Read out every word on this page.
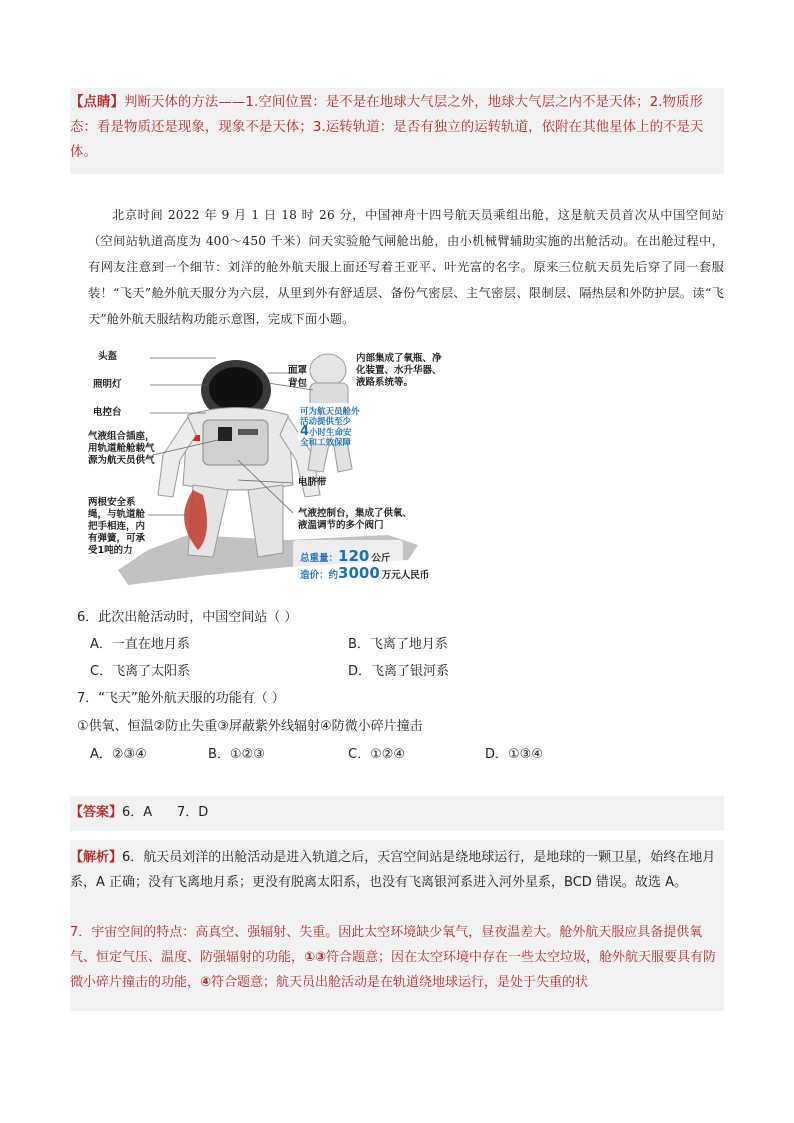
【点睛】判断天体的方法——1.空间位置：是不是在地球大气层之外，地球大气层之内不是天体；2.物质形态：看是物质还是现象，现象不是天体；3.运转轨道：是否有独立的运转轨道，依附在其他星体上的不是天体。
北京时间 2022 年 9 月 1 日 18 时 26 分，中国神舟十四号航天员乘组出舱，这是航天员首次从中国空间站（空间站轨道高度为 400～450 千米）问天实验舱气闸舱出舱，由小机械臂辅助实施的出舱活动。在出舱过程中，有网友注意到一个细节：刘洋的舱外航天服上面还写着王亚平、叶光富的名字。原来三位航天员先后穿了同一套服装！“飞天”舱外航天服分为六层，从里到外有舒适层、备份气密层、主气密层、限制层、隔热层和外防护层。读“飞天”舱外航天服结构功能示意图，完成下面小题。
头盔
照明灯
电控台
气液组合插座，用轨道舱舱载气源为航天员供气
两根安全系绳，与轨道舱把手相连，内有弹簧，可承受1吨的力
面罩
背包
内部集成了氧瓶、净化装置、水升华器、液路系统等。
可为航天员舱外活动提供至少4小时生命安全和工效保障
电脐带
气液控制台，集成了供氧、液温调节的多个阀门
总重量：120 公斤
造价：约3000 万元人民币
6．此次出舱活动时，中国空间站（ ）
A．一直在地月系	B．飞离了地月系
C．飞离了太阳系	D．飞离了银河系
7．“飞天”舱外航天服的功能有（ ）
①供氧、恒温②防止失重③屏蔽紫外线辐射④防微小碎片撞击
A．②③④	B．①②③	C．①②④	D．①③④
【答案】6．A      7．D
【解析】6．航天员刘洋的出舱活动是进入轨道之后，天宫空间站是绕地球运行，是地球的一颗卫星，始终在地月系，A 正确；没有飞离地月系；更没有脱离太阳系，也没有飞离银河系进入河外星系，BCD 错误。故选 A。
7．宇宙空间的特点：高真空、强辐射、失重。因此太空环境缺少氧气，昼夜温差大。舱外航天服应具备提供氧气、恒定气压、温度、防强辐射的功能，①③符合题意；因在太空环境中存在一些太空垃圾，舱外航天服要具有防微小碎片撞击的功能，④符合题意；航天员出舱活动是在轨道绕地球运行，是处于失重的状
